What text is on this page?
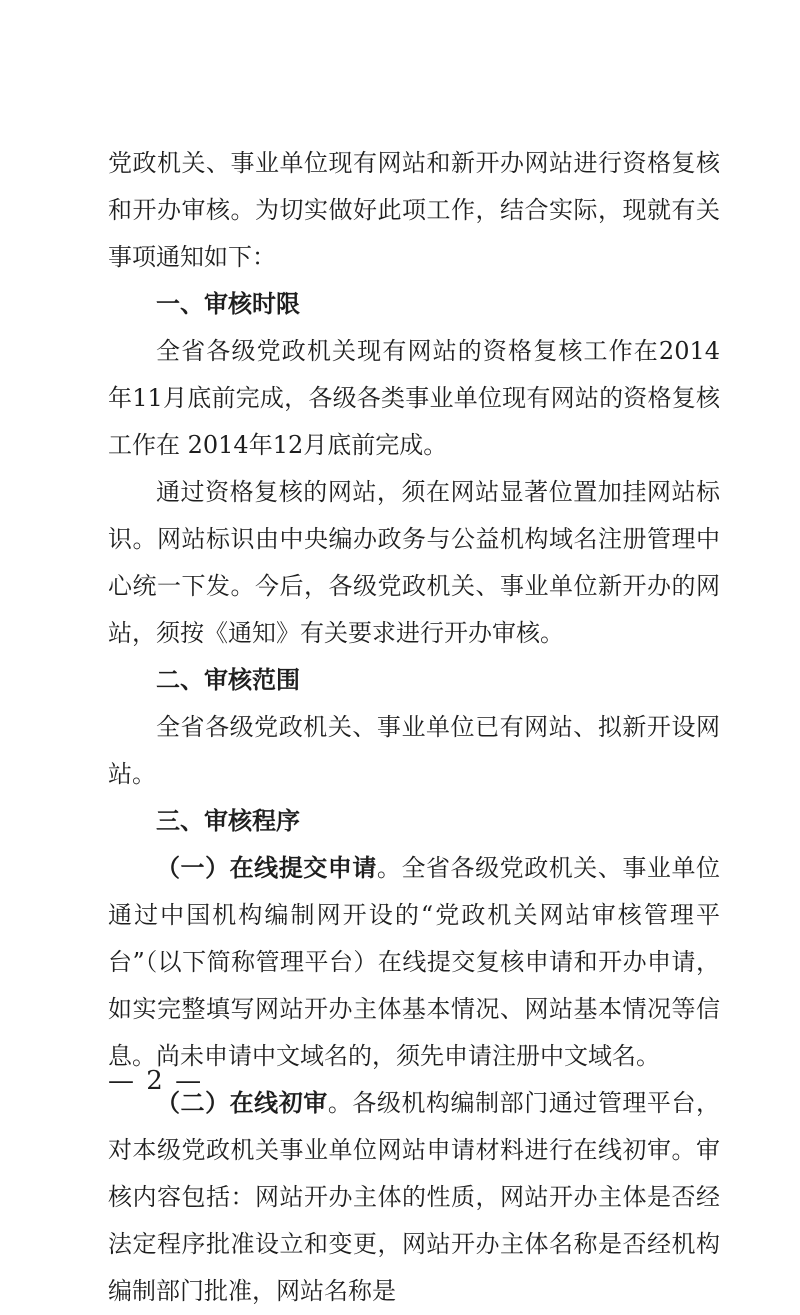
党政机关、事业单位现有网站和新开办网站进行资格复核和开办审核。为切实做好此项工作，结合实际，现就有关事项通知如下：

一、审核时限

全省各级党政机关现有网站的资格复核工作在2014年11月底前完成，各级各类事业单位现有网站的资格复核工作在 2014年12月底前完成。

通过资格复核的网站，须在网站显著位置加挂网站标识。网站标识由中央编办政务与公益机构域名注册管理中心统一下发。今后，各级党政机关、事业单位新开办的网站，须按《通知》有关要求进行开办审核。

二、审核范围

全省各级党政机关、事业单位已有网站、拟新开设网站。

三、审核程序

（一）在线提交申请。全省各级党政机关、事业单位通过中国机构编制网开设的“党政机关网站审核管理平台”（以下简称管理平台）在线提交复核申请和开办申请，如实完整填写网站开办主体基本情况、网站基本情况等信息。尚未申请中文域名的，须先申请注册中文域名。

（二）在线初审。各级机构编制部门通过管理平台，对本级党政机关事业单位网站申请材料进行在线初审。审核内容包括：网站开办主体的性质，网站开办主体是否经法定程序批准设立和变更，网站开办主体名称是否经机构编制部门批准，网站名称是

— 2 —
